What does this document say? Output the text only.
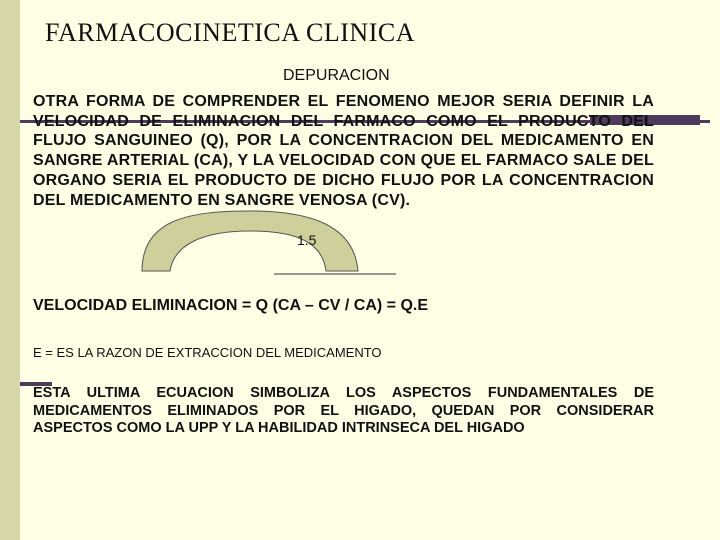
FARMACOCINETICA CLINICA
DEPURACION
OTRA FORMA DE COMPRENDER EL FENOMENO MEJOR SERIA DEFINIR LA VELOCIDAD DE ELIMINACION DEL FARMACO COMO EL PRODUCTO DEL FLUJO SANGUINEO (Q), POR LA CONCENTRACION DEL MEDICAMENTO EN SANGRE ARTERIAL (CA), Y LA VELOCIDAD CON QUE EL FARMACO SALE DEL ORGANO SERIA EL PRODUCTO DE DICHO FLUJO POR LA CONCENTRACION DEL MEDICAMENTO EN SANGRE VENOSA (CV).
1.5
VELOCIDAD ELIMINACION = Q (CA – CV / CA) = Q.E
E = ES LA RAZON DE EXTRACCION DEL MEDICAMENTO
ESTA ULTIMA ECUACION SIMBOLIZA LOS ASPECTOS FUNDAMENTALES DE MEDICAMENTOS ELIMINADOS POR EL HIGADO, QUEDAN POR CONSIDERAR ASPECTOS COMO LA UPP Y LA HABILIDAD INTRINSECA DEL HIGADO
